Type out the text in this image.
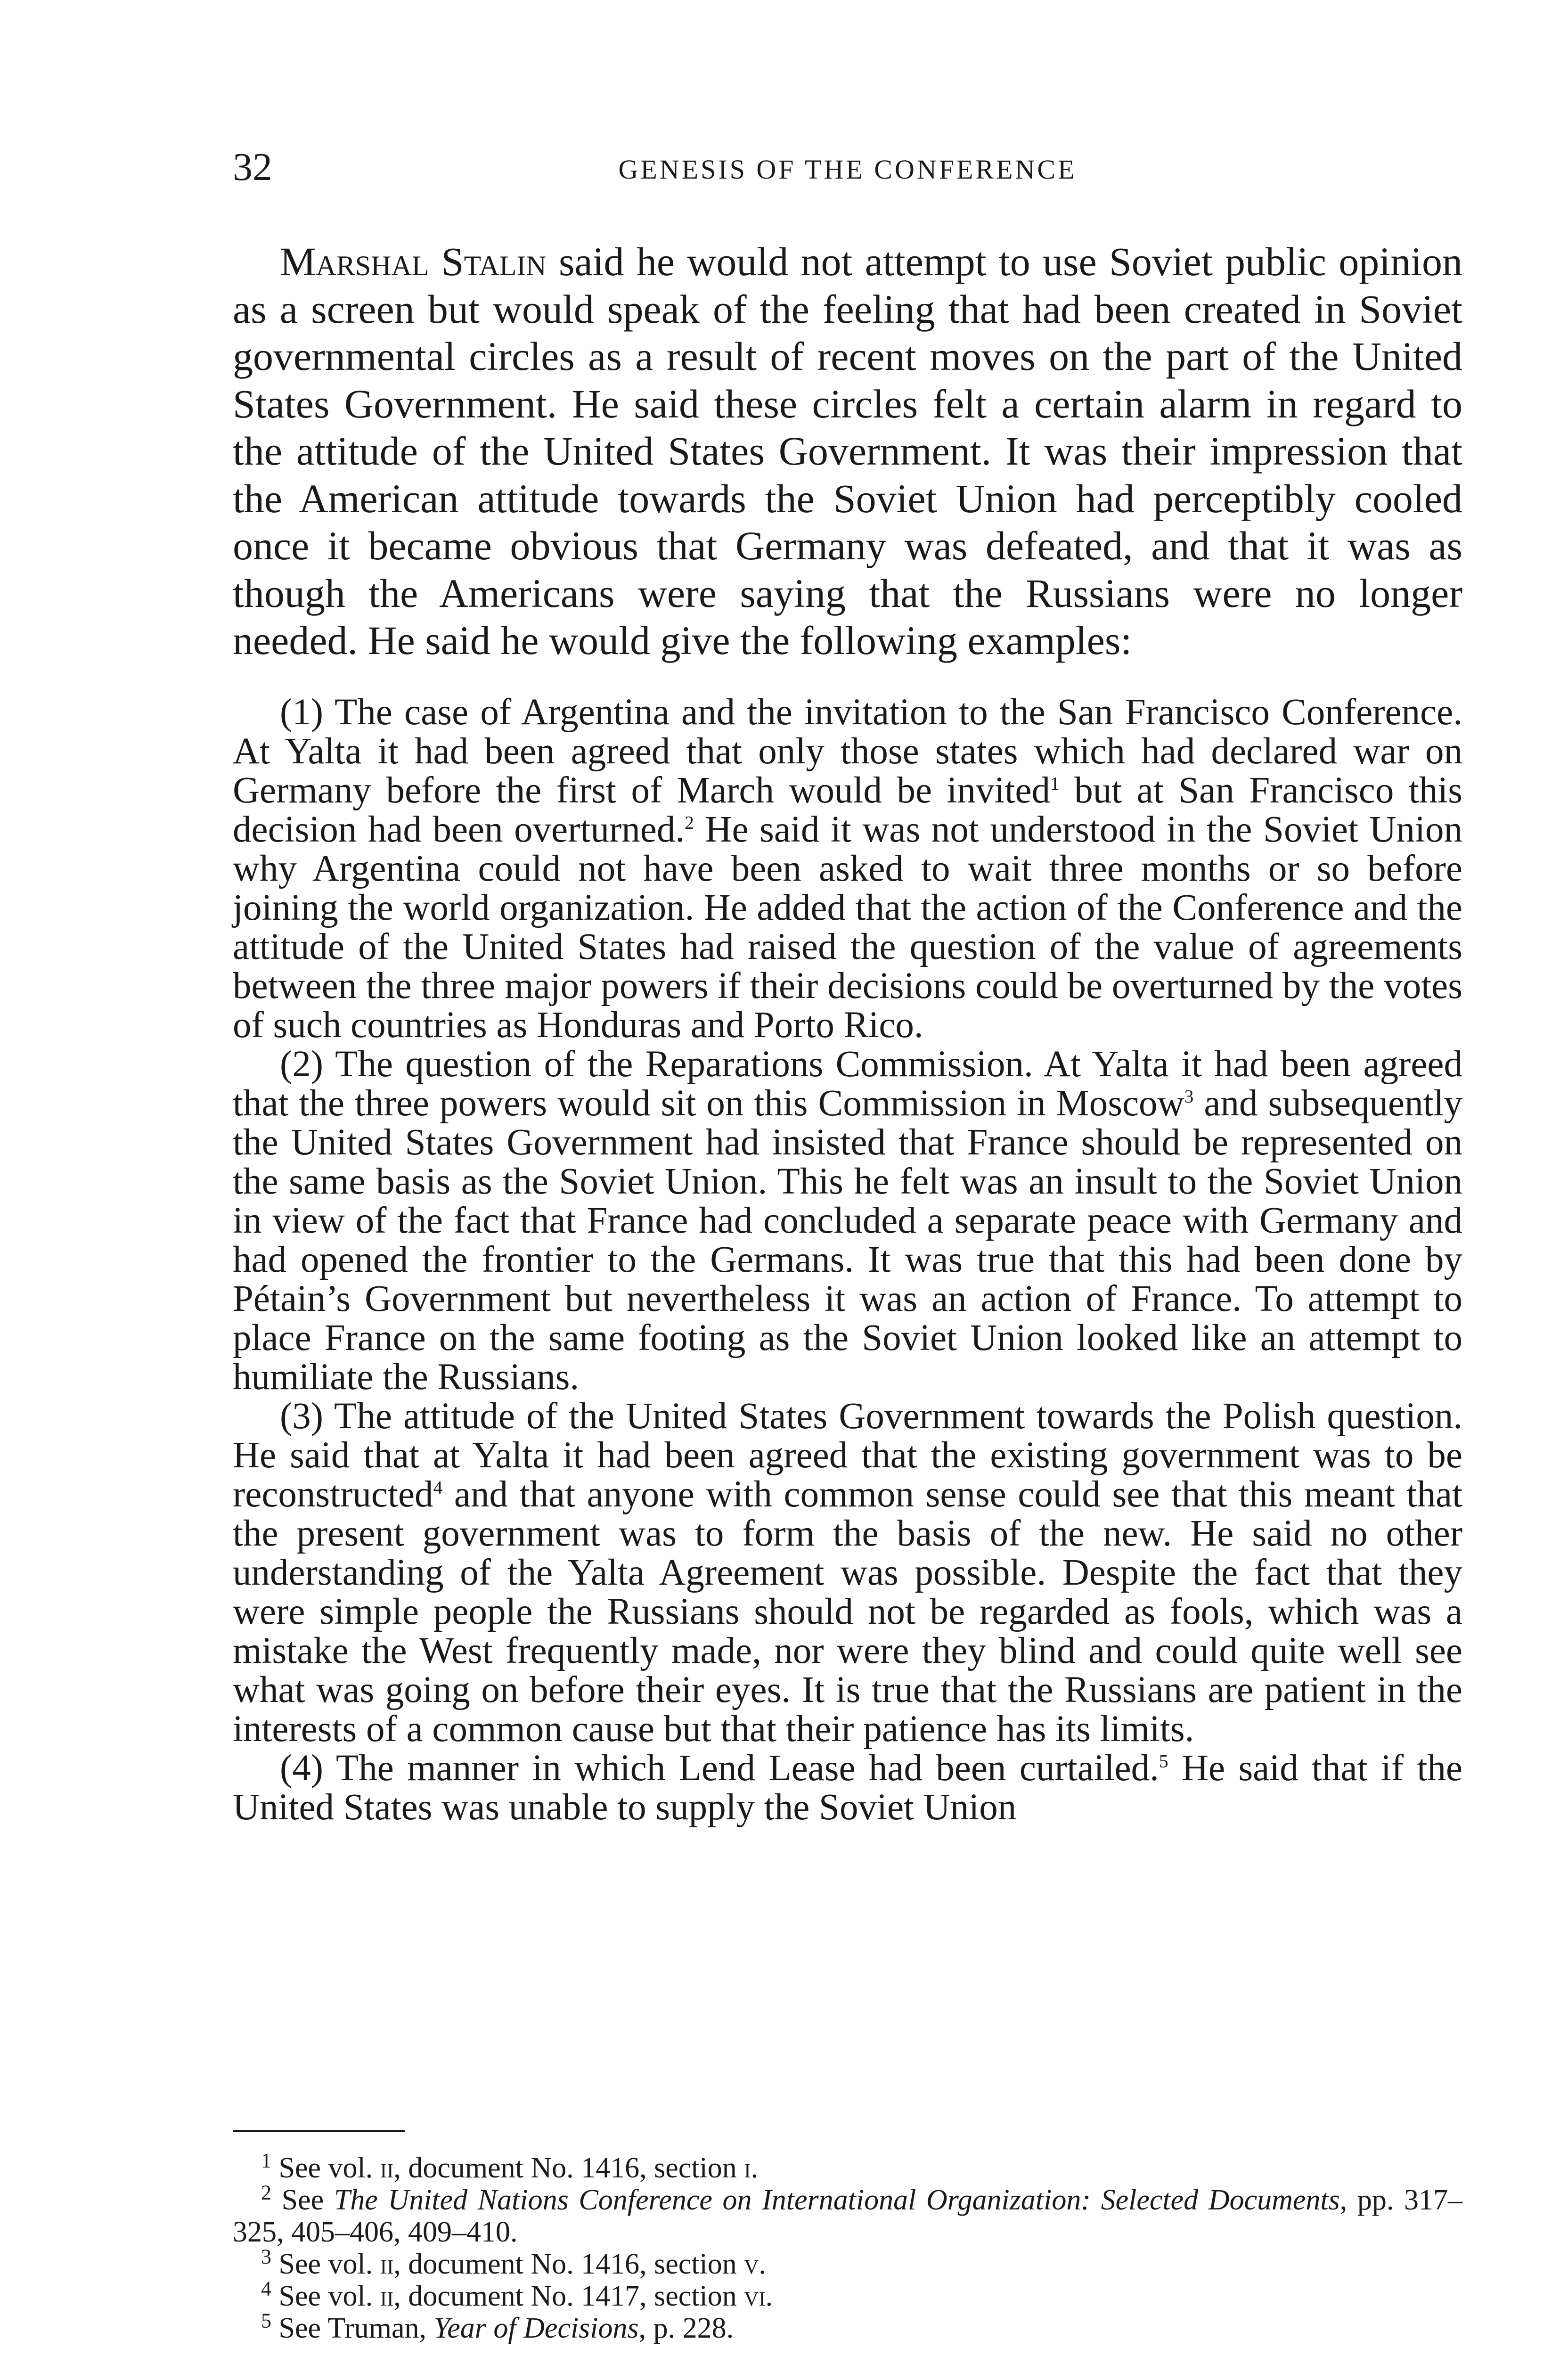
32	GENESIS OF THE CONFERENCE

Marshal Stalin said he would not attempt to use Soviet public opinion as a screen but would speak of the feeling that had been created in Soviet governmental circles as a result of recent moves on the part of the United States Government. He said these circles felt a certain alarm in regard to the attitude of the United States Government. It was their impression that the American attitude towards the Soviet Union had perceptibly cooled once it became obvious that Germany was defeated, and that it was as though the Americans were saying that the Russians were no longer needed. He said he would give the following examples:

(1) The case of Argentina and the invitation to the San Francisco Conference. At Yalta it had been agreed that only those states which had declared war on Germany before the first of March would be invited$^1$ but at San Francisco this decision had been overturned.$^2$ He said it was not understood in the Soviet Union why Argentina could not have been asked to wait three months or so before joining the world organization. He added that the action of the Conference and the attitude of the United States had raised the question of the value of agreements between the three major powers if their decisions could be overturned by the votes of such countries as Honduras and Porto Rico.

(2) The question of the Reparations Commission. At Yalta it had been agreed that the three powers would sit on this Commission in Moscow$^3$ and subsequently the United States Government had insisted that France should be represented on the same basis as the Soviet Union. This he felt was an insult to the Soviet Union in view of the fact that France had concluded a separate peace with Germany and had opened the frontier to the Germans. It was true that this had been done by Pétain’s Government but nevertheless it was an action of France. To attempt to place France on the same footing as the Soviet Union looked like an attempt to humiliate the Russians.

(3) The attitude of the United States Government towards the Polish question. He said that at Yalta it had been agreed that the existing government was to be reconstructed$^4$ and that anyone with common sense could see that this meant that the present government was to form the basis of the new. He said no other understanding of the Yalta Agreement was possible. Despite the fact that they were simple people the Russians should not be regarded as fools, which was a mistake the West frequently made, nor were they blind and could quite well see what was going on before their eyes. It is true that the Russians are patient in the interests of a common cause but that their patience has its limits.

(4) The manner in which Lend Lease had been curtailed.$^5$ He said that if the United States was unable to supply the Soviet Union

$^1$ See vol. ii, document No. 1416, section i.

$^2$ See The United Nations Conference on International Organization: Selected Documents, pp. 317–325, 405–406, 409–410.

$^3$ See vol. ii, document No. 1416, section v.

$^4$ See vol. ii, document No. 1417, section vi.

$^5$ See Truman, Year of Decisions, p. 228.
